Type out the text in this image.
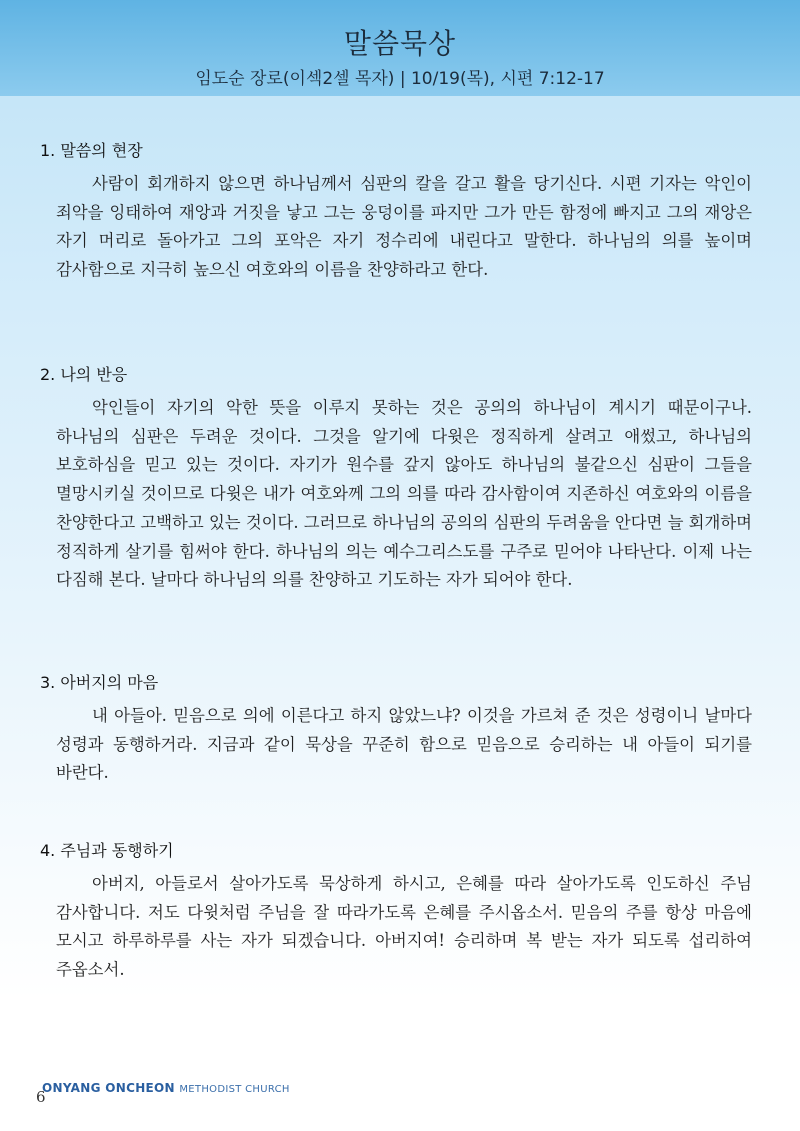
말씀묵상
임도순 장로(이섹2셀 목자) | 10/19(목), 시편 7:12-17
1. 말씀의 현장
사람이 회개하지 않으면 하나님께서 심판의 칼을 갈고 활을 당기신다. 시편 기자는 악인이 죄악을 잉태하여 재앙과 거짓을 낳고 그는 웅덩이를 파지만 그가 만든 함정에 빠지고 그의 재앙은 자기 머리로 돌아가고 그의 포악은 자기 정수리에 내린다고 말한다. 하나님의 의를 높이며 감사함으로 지극히 높으신 여호와의 이름을 찬양하라고 한다.
2. 나의 반응
악인들이 자기의 악한 뜻을 이루지 못하는 것은 공의의 하나님이 계시기 때문이구나. 하나님의 심판은 두려운 것이다. 그것을 알기에 다윗은 정직하게 살려고 애썼고, 하나님의 보호하심을 믿고 있는 것이다. 자기가 원수를 갚지 않아도 하나님의 불같으신 심판이 그들을 멸망시키실 것이므로 다윗은 내가 여호와께 그의 의를 따라 감사함이여 지존하신 여호와의 이름을 찬양한다고 고백하고 있는 것이다. 그러므로 하나님의 공의의 심판의 두려움을 안다면 늘 회개하며 정직하게 살기를 힘써야 한다. 하나님의 의는 예수그리스도를 구주로 믿어야 나타난다. 이제 나는 다짐해 본다. 날마다 하나님의 의를 찬양하고 기도하는 자가 되어야 한다.
3. 아버지의 마음
내 아들아. 믿음으로 의에 이른다고 하지 않았느냐? 이것을 가르쳐 준 것은 성령이니 날마다 성령과 동행하거라. 지금과 같이 묵상을 꾸준히 함으로 믿음으로 승리하는 내 아들이 되기를 바란다.
4. 주님과 동행하기
아버지, 아들로서 살아가도록 묵상하게 하시고, 은혜를 따라 살아가도록 인도하신 주님 감사합니다. 저도 다윗처럼 주님을 잘 따라가도록 은혜를 주시옵소서. 믿음의 주를 항상 마음에 모시고 하루하루를 사는 자가 되겠습니다. 아버지여! 승리하며 복 받는 자가 되도록 섭리하여 주옵소서.
ONYANG ONCHEON METHODIST CHURCH
6
